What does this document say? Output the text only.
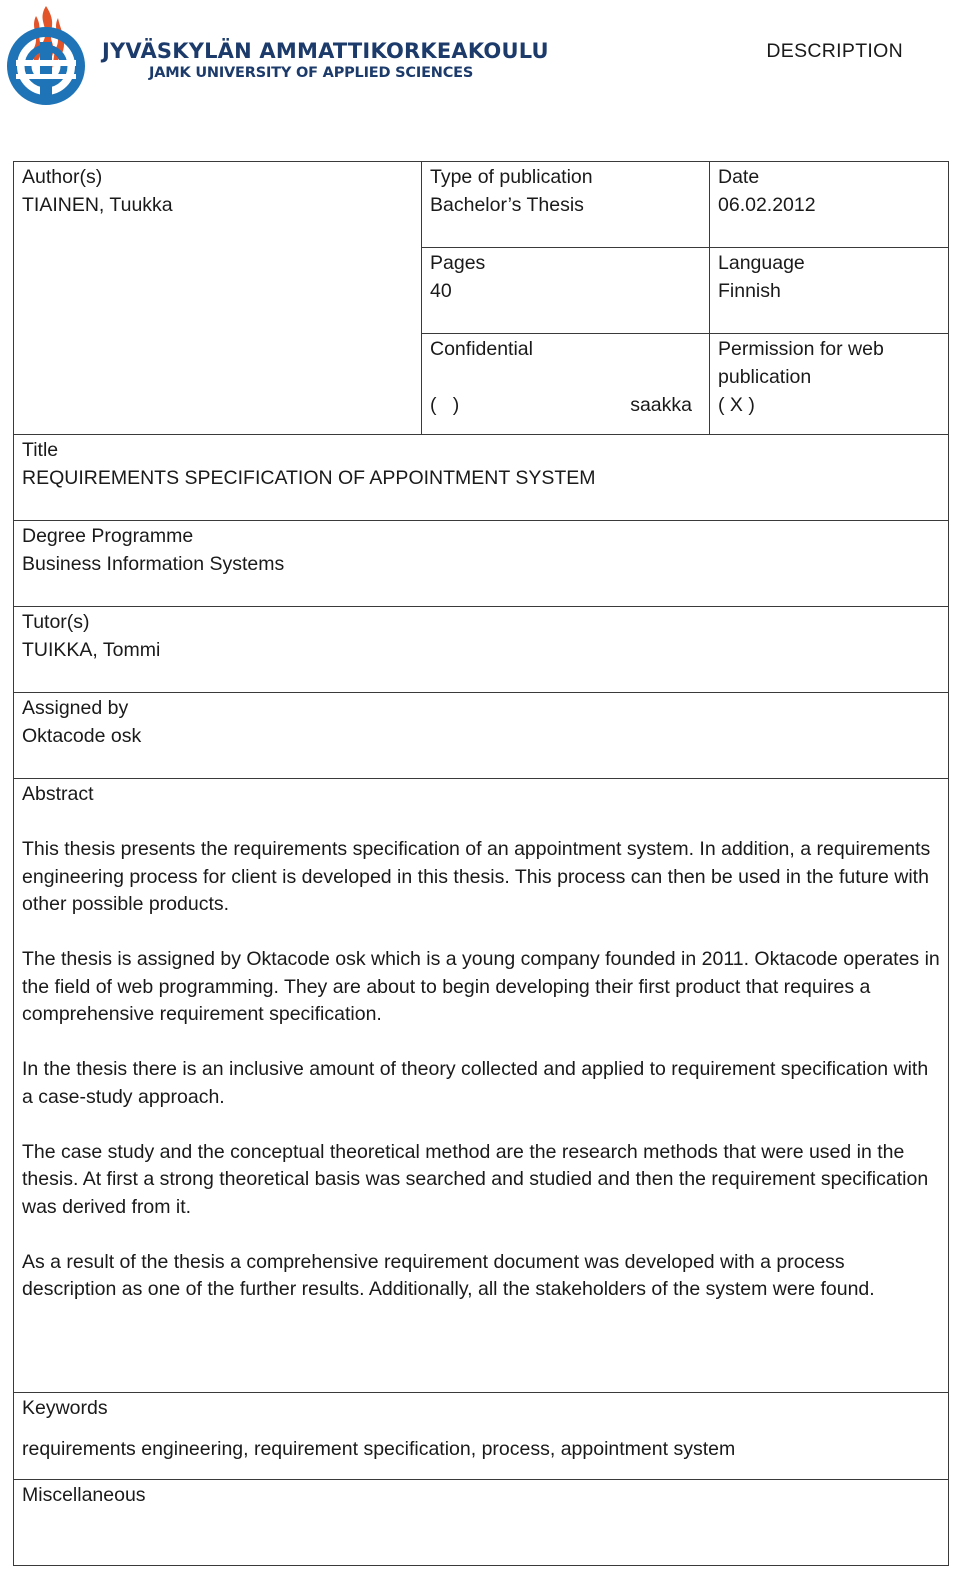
JYVÄSKYLÄN AMMATTIKORKEAKOULU
JAMK UNIVERSITY OF APPLIED SCIENCES
DESCRIPTION
Author(s)
TIAINEN, Tuukka
Type of publication
Bachelor’s Thesis
Date
06.02.2012
Pages
40
Language
Finnish
Confidential
(   )	saakka
Permission for web publication
( X )
Title
REQUIREMENTS SPECIFICATION OF APPOINTMENT SYSTEM
Degree Programme
Business Information Systems
Tutor(s)
TUIKKA, Tommi
Assigned by
Oktacode osk
Abstract

This thesis presents the requirements specification of an appointment system. In addition, a requirements engineering process for client is developed in this thesis. This process can then be used in the future with other possible products.

The thesis is assigned by Oktacode osk which is a young company founded in 2011. Oktacode operates in the field of web programming. They are about to begin developing their first product that requires a comprehensive requirement specification.

In the thesis there is an inclusive amount of theory collected and applied to requirement specification with a case-study approach.

The case study and the conceptual theoretical method are the research methods that were used in the thesis. At first a strong theoretical basis was searched and studied and then the requirement specification was derived from it.

As a result of the thesis a comprehensive requirement document was developed with a process description as one of the further results. Additionally, all the stakeholders of the system were found.

Keywords
requirements engineering, requirement specification, process, appointment system
Miscellaneous
